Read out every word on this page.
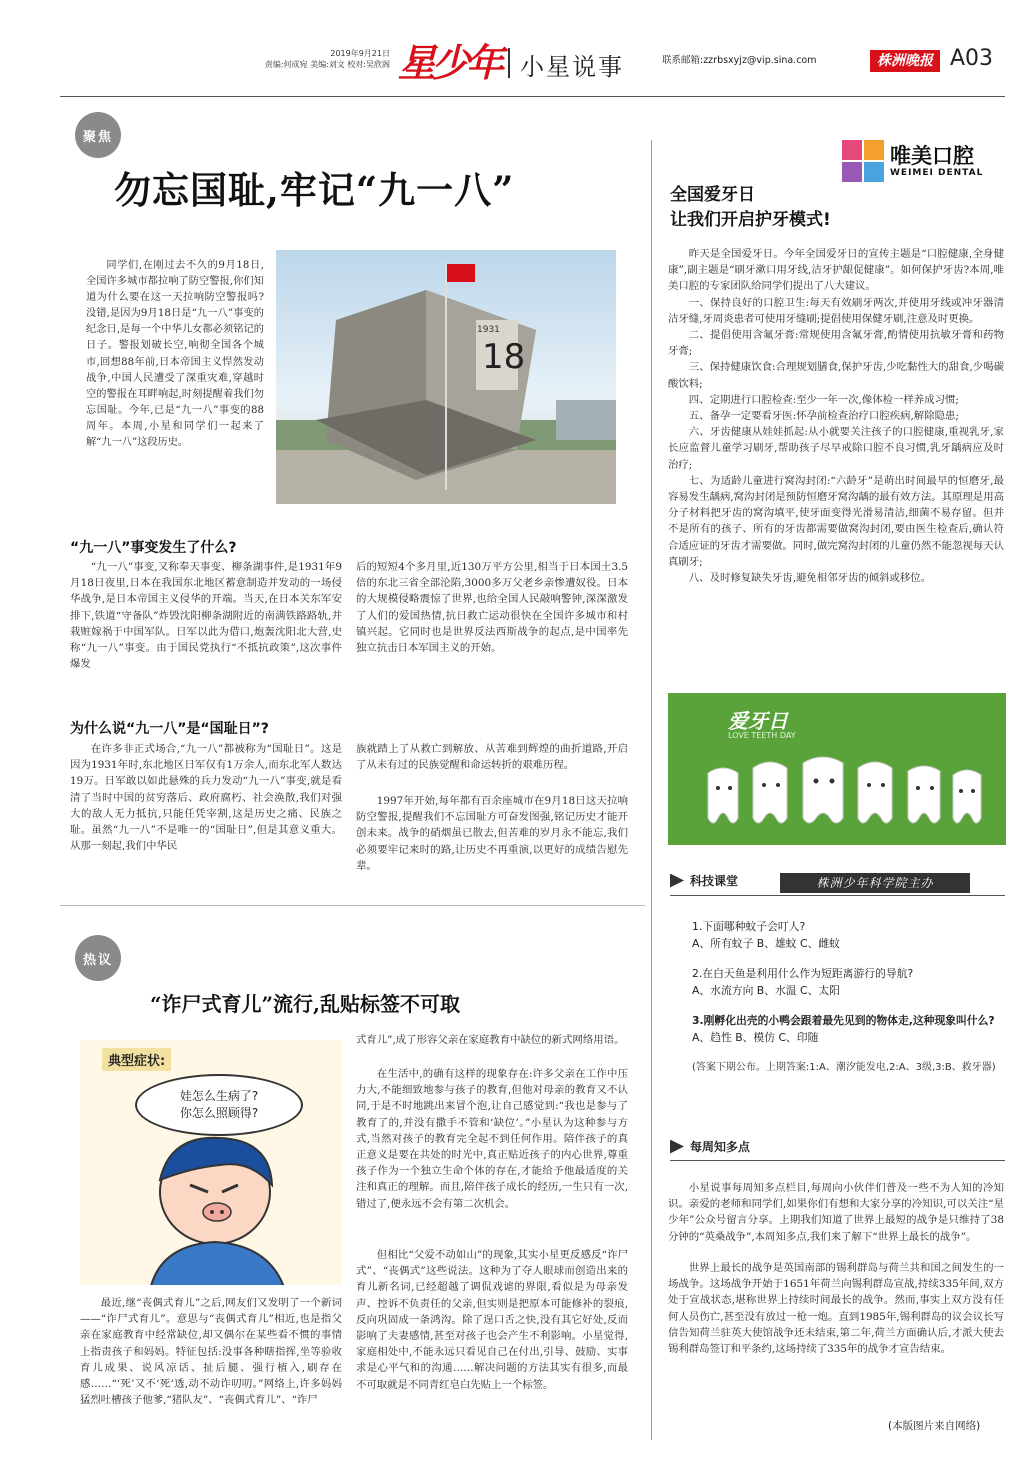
2019年9月21日
责编:何成宛 美编:刘文 校对:吴欣阁 星少年 小星说事	联系邮箱:zzrbsxyjz@vip.sina.com	株洲晚报 A03
聚焦
勿忘国耻,牢记“九一八”

同学们,在刚过去不久的9月18日,全国许多城市都拉响了防空警报,你们知道为什么要在这一天拉响防空警报吗?没错,是因为9月18日是“九一八”事变的纪念日,是每一个中华儿女都必须铭记的日子。警报划破长空,响彻全国各个城市,回想88年前,日本帝国主义悍然发动战争,中国人民遭受了深重灾难,穿越时空的警报在耳畔响起,时刻提醒着我们勿忘国耻。今年,已是“九一八”事变的88周年。本周,小星和同学们一起来了解“九一八”这段历史。

18
1931
“九一八”事变发生了什么?

“九一八”事变,又称奉天事变、柳条湖事件,是1931年9月18日夜里,日本在我国东北地区蓄意制造并发动的一场侵华战争,是日本帝国主义侵华的开端。当天,在日本关东军安排下,铁道“守备队”炸毁沈阳柳条湖附近的南满铁路路轨,并栽赃嫁祸于中国军队。日军以此为借口,炮轰沈阳北大营,史称“九一八”事变。由于国民党执行“不抵抗政策”,这次事件爆发

后的短短4个多月里,近130万平方公里,相当于日本国土3.5倍的东北三省全部沦陷,3000多万父老乡亲惨遭奴役。日本的大规模侵略震惊了世界,也给全国人民敲响警钟,深深激发了人们的爱国热情,抗日救亡运动很快在全国许多城市和村镇兴起。它同时也是世界反法西斯战争的起点,是中国率先独立抗击日本军国主义的开始。

为什么说“九一八”是“国耻日”?

在许多非正式场合,“九一八”都被称为“国耻日”。这是因为1931年时,东北地区日军仅有1万余人,而东北军人数达19万。日军敢以如此悬殊的兵力发动“九一八”事变,就是看清了当时中国的贫穷落后、政府腐朽、社会涣散,我们对强大的敌人无力抵抗,只能任凭宰割,这是历史之痛、民族之耻。虽然“九一八”不是唯一的“国耻日”,但是其意义重大。从那一刻起,我们中华民

族就踏上了从救亡到解放、从苦难到辉煌的曲折道路,开启了从未有过的民族觉醒和命运转折的艰难历程。

1997年开始,每年都有百余座城市在9月18日这天拉响防空警报,提醒我们不忘国耻方可奋发图强,铭记历史才能开创未来。战争的硝烟虽已散去,但苦难的岁月永不能忘,我们必须要牢记来时的路,让历史不再重演,以更好的成绩告慰先辈。

热议
“诈尸式育儿”流行,乱贴标签不可取
典型症状:
娃怎么生病了?
你怎么照顾得?

最近,继“丧偶式育儿”之后,网友们又发明了一个新词——“诈尸式育儿”。意思与“丧偶式育儿”相近,也是指父亲在家庭教育中经常缺位,却又偶尔在某些看不惯的事情上指责孩子和妈妈。特征包括:没事各种瞎指挥,坐等验收育儿成果、说风凉话、扯后腿、强行植入,刷存在感……“‘死’又不‘死’透,动不动诈叨叨。”网络上,许多妈妈猛烈吐槽孩子他爹,“猪队友”、“丧偶式育儿”、“诈尸

式育儿”,成了形容父亲在家庭教育中缺位的新式网络用语。

在生活中,的确有这样的现象存在:许多父亲在工作中压力大,不能细致地参与孩子的教育,但他对母亲的教育又不认同,于是不时地跳出来冒个泡,让自己感觉到:“我也是参与了教育了的,并没有撒手不管和‘缺位’。”小星认为这种参与方式,当然对孩子的教育完全起不到任何作用。陪伴孩子的真正意义是要在共处的时光中,真正贴近孩子的内心世界,尊重孩子作为一个独立生命个体的存在,才能给予他最适度的关注和真正的理解。而且,陪伴孩子成长的经历,一生只有一次,错过了,便永远不会有第二次机会。

但相比“父爱不动如山”的现象,其实小星更反感反“诈尸式”、“丧偶式”这些说法。这种为了夺人眼球而创造出来的育儿新名词,已经超越了调侃戏谑的界限,看似是为母亲发声、控诉不负责任的父亲,但实则是把原本可能修补的裂痕,反向巩固成一条鸿沟。除了逞口舌之快,没有其它好处,反而影响了夫妻感情,甚至对孩子也会产生不利影响。小星觉得,家庭相处中,不能永远只看见自己在付出,引导、鼓励、实事求是心平气和的沟通……解决问题的方法其实有很多,而最不可取就是不同青红皂白先贴上一个标签。

唯美口腔
WEIMEI DENTAL
全国爱牙日
让我们开启护牙模式!

昨天是全国爱牙日。今年全国爱牙日的宣传主题是“口腔健康,全身健康”,副主题是“刷牙漱口用牙线,洁牙护龈促健康”。如何保护牙齿?本周,唯美口腔的专家团队给同学们提出了八大建议。

一、保持良好的口腔卫生:每天有效刷牙两次,并使用牙线或冲牙器清洁牙缝,牙周炎患者可使用牙缝刷;提倡使用保健牙刷,注意及时更换。

二、提倡使用含氟牙膏:常规使用含氟牙膏,酌情使用抗敏牙膏和药物牙膏;

三、保持健康饮食:合理规划膳食,保护牙齿,少吃黏性大的甜食,少喝碳酸饮料;

四、定期进行口腔检查:至少一年一次,像体检一样养成习惯;

五、备孕一定要看牙医:怀孕前检查治疗口腔疾病,解除隐患;

六、牙齿健康从娃娃抓起:从小就要关注孩子的口腔健康,重视乳牙,家长应监督儿童学习刷牙,帮助孩子尽早戒除口腔不良习惯,乳牙龋病应及时治疗;

七、为适龄儿童进行窝沟封闭:“六龄牙”是萌出时间最早的恒磨牙,最容易发生龋病,窝沟封闭是预防恒磨牙窝沟龋的最有效方法。其原理是用高分子材料把牙齿的窝沟填平,使牙面变得光滑易清洁,细菌不易存留。但并不是所有的孩子、所有的牙齿都需要做窝沟封闭,要由医生检查后,确认符合适应证的牙齿才需要做。同时,做完窝沟封闭的儿童仍然不能忽视每天认真刷牙;

八、及时修复缺失牙齿,避免相邻牙齿的倾斜或移位。

爱牙日
LOVE TEETH DAY
科技课堂	株洲少年科学院主办
1.下面哪种蚊子会叮人?
A、所有蚊子 B、雄蚊 C、雌蚊
2.在白天鱼是利用什么作为短距离游行的导航?
A、水流方向 B、水温 C、太阳
3.刚孵化出壳的小鸭会跟着最先见到的物体走,这种现象叫什么?
A、趋性 B、模仿 C、印随
(答案下期公布。上期答案:1:A、潮汐能发电,2:A、3级,3:B、救牙器)
每周知多点

小星说事每周知多点栏目,每周向小伙伴们普及一些不为人知的冷知识。亲爱的老师和同学们,如果你们有想和大家分享的冷知识,可以关注“星少年”公众号留言分享。上期我们知道了世界上最短的战争是只维持了38分钟的“英桑战争”,本周知多点,我们来了解下“世界上最长的战争”。

世界上最长的战争是英国南部的锡利群岛与荷兰共和国之间发生的一场战争。这场战争开始于1651年荷兰向锡利群岛宣战,持续335年间,双方处于宣战状态,堪称世界上持续时间最长的战争。然而,事实上双方没有任何人员伤亡,甚至没有放过一枪一炮。直到1985年,锡利群岛的议会议长写信告知荷兰驻英大使馆战争还未结束,第二年,荷兰方面确认后,才派大使去锡利群岛签订和平条约,这场持续了335年的战争才宣告结束。

(本版图片来自网络)
